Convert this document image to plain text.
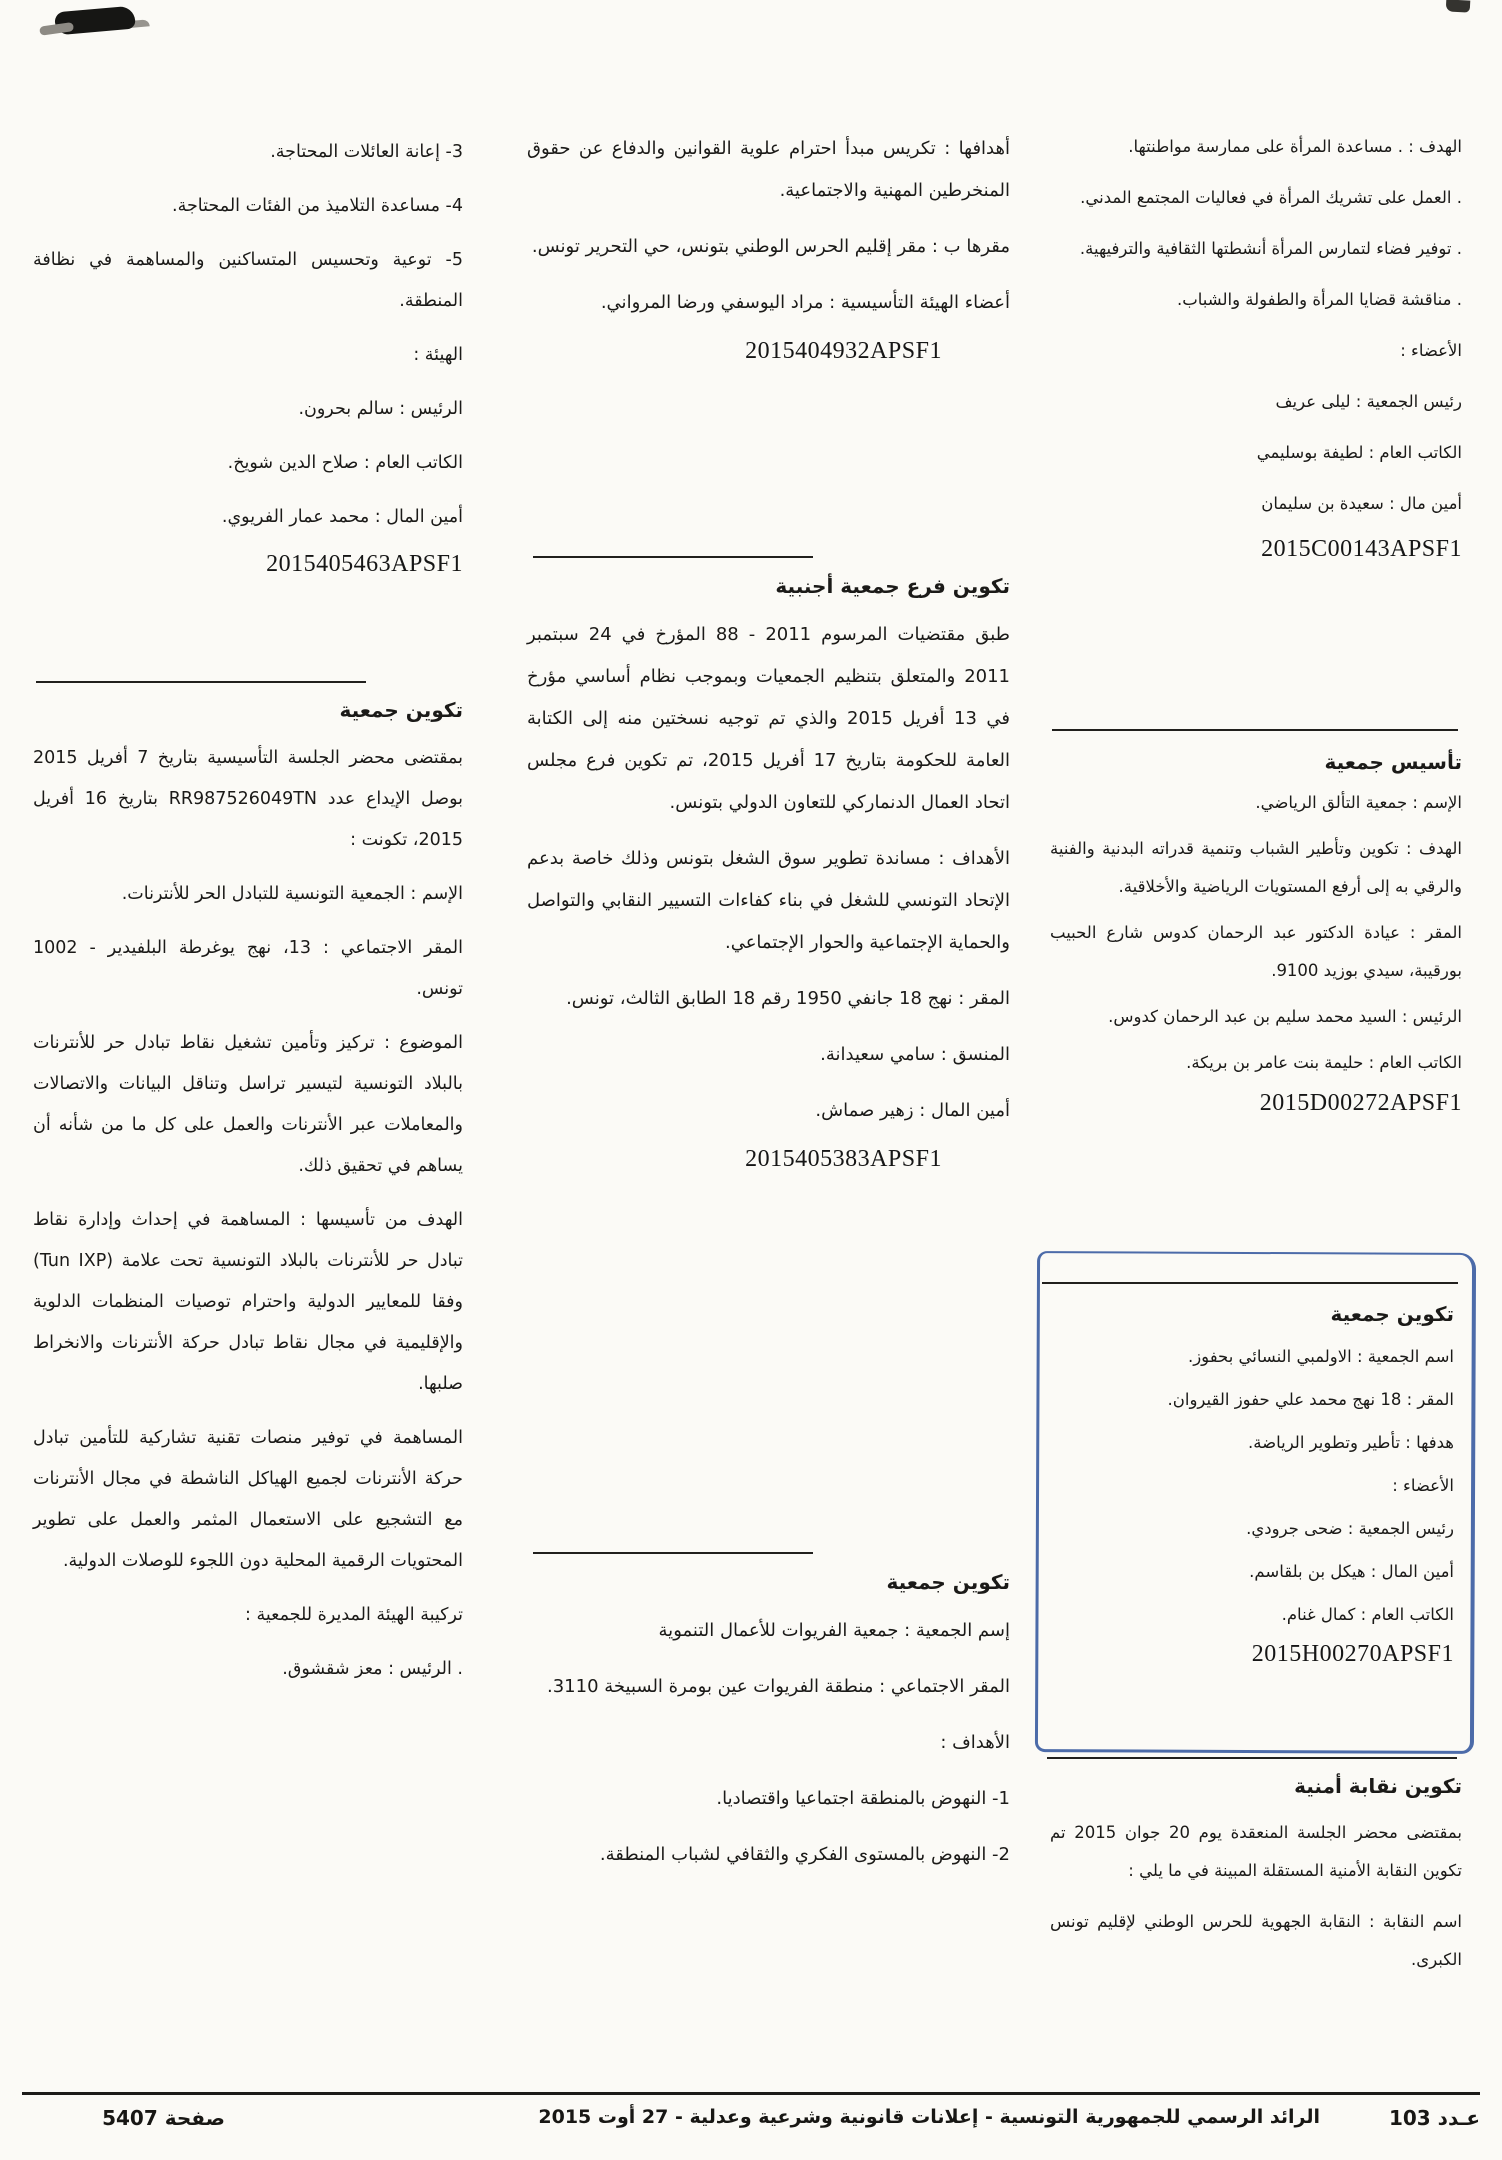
الهدف : . مساعدة المرأة على ممارسة مواطنتها.

. العمل على تشريك المرأة في فعاليات المجتمع المدني.

. توفير فضاء لتمارس المرأة أنشطتها الثقافية والترفيهية.

. مناقشة قضايا المرأة والطفولة والشباب.

الأعضاء :

رئيس الجمعية : ليلى عريف

الكاتب العام : لطيفة بوسليمي

أمين مال : سعيدة بن سليمان

2015C00143APSF1
تأسيس جمعية

الإسم : جمعية التألق الرياضي.

الهدف : تكوين وتأطير الشباب وتنمية قدراته البدنية والفنية والرقي به إلى أرفع المستويات الرياضية والأخلاقية.

المقر : عيادة الدكتور عبد الرحمان كدوس شارع الحبيب بورقيبة، سيدي بوزيد 9100.

الرئيس : السيد محمد سليم بن عبد الرحمان كدوس.

الكاتب العام : حليمة بنت عامر بن بريكة.

2015D00272APSF1
تكوين جمعية

اسم الجمعية : الاولمبي النسائي بحفوز.

المقر : 18 نهج محمد علي حفوز القيروان.

هدفها : تأطير وتطوير الرياضة.

الأعضاء :

رئيس الجمعية : ضحى جرودي.

أمين المال : هيكل بن بلقاسم.

الكاتب العام : كمال غنام.

2015H00270APSF1
تكوين نقابة أمنية

بمقتضى محضر الجلسة المنعقدة يوم 20 جوان 2015 تم تكوين النقابة الأمنية المستقلة المبينة في ما يلي :

اسم النقابة : النقابة الجهوية للحرس الوطني لإقليم تونس الكبرى.

أهدافها : تكريس مبدأ احترام علوية القوانين والدفاع عن حقوق المنخرطين المهنية والاجتماعية.

مقرها ب : مقر إقليم الحرس الوطني بتونس، حي التحرير تونس.

أعضاء الهيئة التأسيسية : مراد اليوسفي ورضا المرواني.

2015404932APSF1
تكوين فرع جمعية أجنبية

طبق مقتضيات المرسوم 2011 - 88 المؤرخ في 24 سبتمبر 2011 والمتعلق بتنظيم الجمعيات وبموجب نظام أساسي مؤرخ في 13 أفريل 2015 والذي تم توجيه نسختين منه إلى الكتابة العامة للحكومة بتاريخ 17 أفريل 2015، تم تكوين فرع مجلس اتحاد العمال الدنماركي للتعاون الدولي بتونس.

الأهداف : مساندة تطوير سوق الشغل بتونس وذلك خاصة بدعم الإتحاد التونسي للشغل في بناء كفاءات التسيير النقابي والتواصل والحماية الإجتماعية والحوار الإجتماعي.

المقر : نهج 18 جانفي 1950 رقم 18 الطابق الثالث، تونس.

المنسق : سامي سعيدانة.

أمين المال : زهير صماش.

2015405383APSF1
تكوين جمعية

إسم الجمعية : جمعية الفريوات للأعمال التنموية

المقر الاجتماعي : منطقة الفريوات عين بومرة السبيخة 3110.

الأهداف :

1- النهوض بالمنطقة اجتماعيا واقتصاديا.

2- النهوض بالمستوى الفكري والثقافي لشباب المنطقة.

3- إعانة العائلات المحتاجة.

4- مساعدة التلاميذ من الفئات المحتاجة.

5- توعية وتحسيس المتساكنين والمساهمة في نظافة المنطقة.

الهيئة :

الرئيس : سالم بحرون.

الكاتب العام : صلاح الدين شويخ.

أمين المال : محمد عمار الفريوي.

2015405463APSF1
تكوين جمعية

بمقتضى محضر الجلسة التأسيسية بتاريخ 7 أفريل 2015 بوصل الإيداع عدد RR987526049TN بتاريخ 16 أفريل 2015، تكونت :

الإسم : الجمعية التونسية للتبادل الحر للأنترنات.

المقر الاجتماعي : 13، نهج يوغرطة البلفيدير - 1002 تونس.

الموضوع : تركيز وتأمين تشغيل نقاط تبادل حر للأنترنات بالبلاد التونسية لتيسير تراسل وتناقل البيانات والاتصالات والمعاملات عبر الأنترنات والعمل على كل ما من شأنه أن يساهم في تحقيق ذلك.

الهدف من تأسيسها : المساهمة في إحداث وإدارة نقاط تبادل حر للأنترنات بالبلاد التونسية تحت علامة (Tun IXP) وفقا للمعايير الدولية واحترام توصيات المنظمات الدلوية والإقليمية في مجال نقاط تبادل حركة الأنترنات والانخراط صلبها.

المساهمة في توفير منصات تقنية تشاركية للتأمين تبادل حركة الأنترنات لجميع الهياكل الناشطة في مجال الأنترنات مع التشجيع على الاستعمال المثمر والعمل على تطوير المحتويات الرقمية المحلية دون اللجوء للوصلات الدولية.

تركيبة الهيئة المديرة للجمعية :

. الرئيس : معز شقشوق.

عـدد 103
الرائد الرسمي للجمهورية التونسية - إعلانات قانونية وشرعية وعدلية - 27 أوت 2015
صفحة 5407
